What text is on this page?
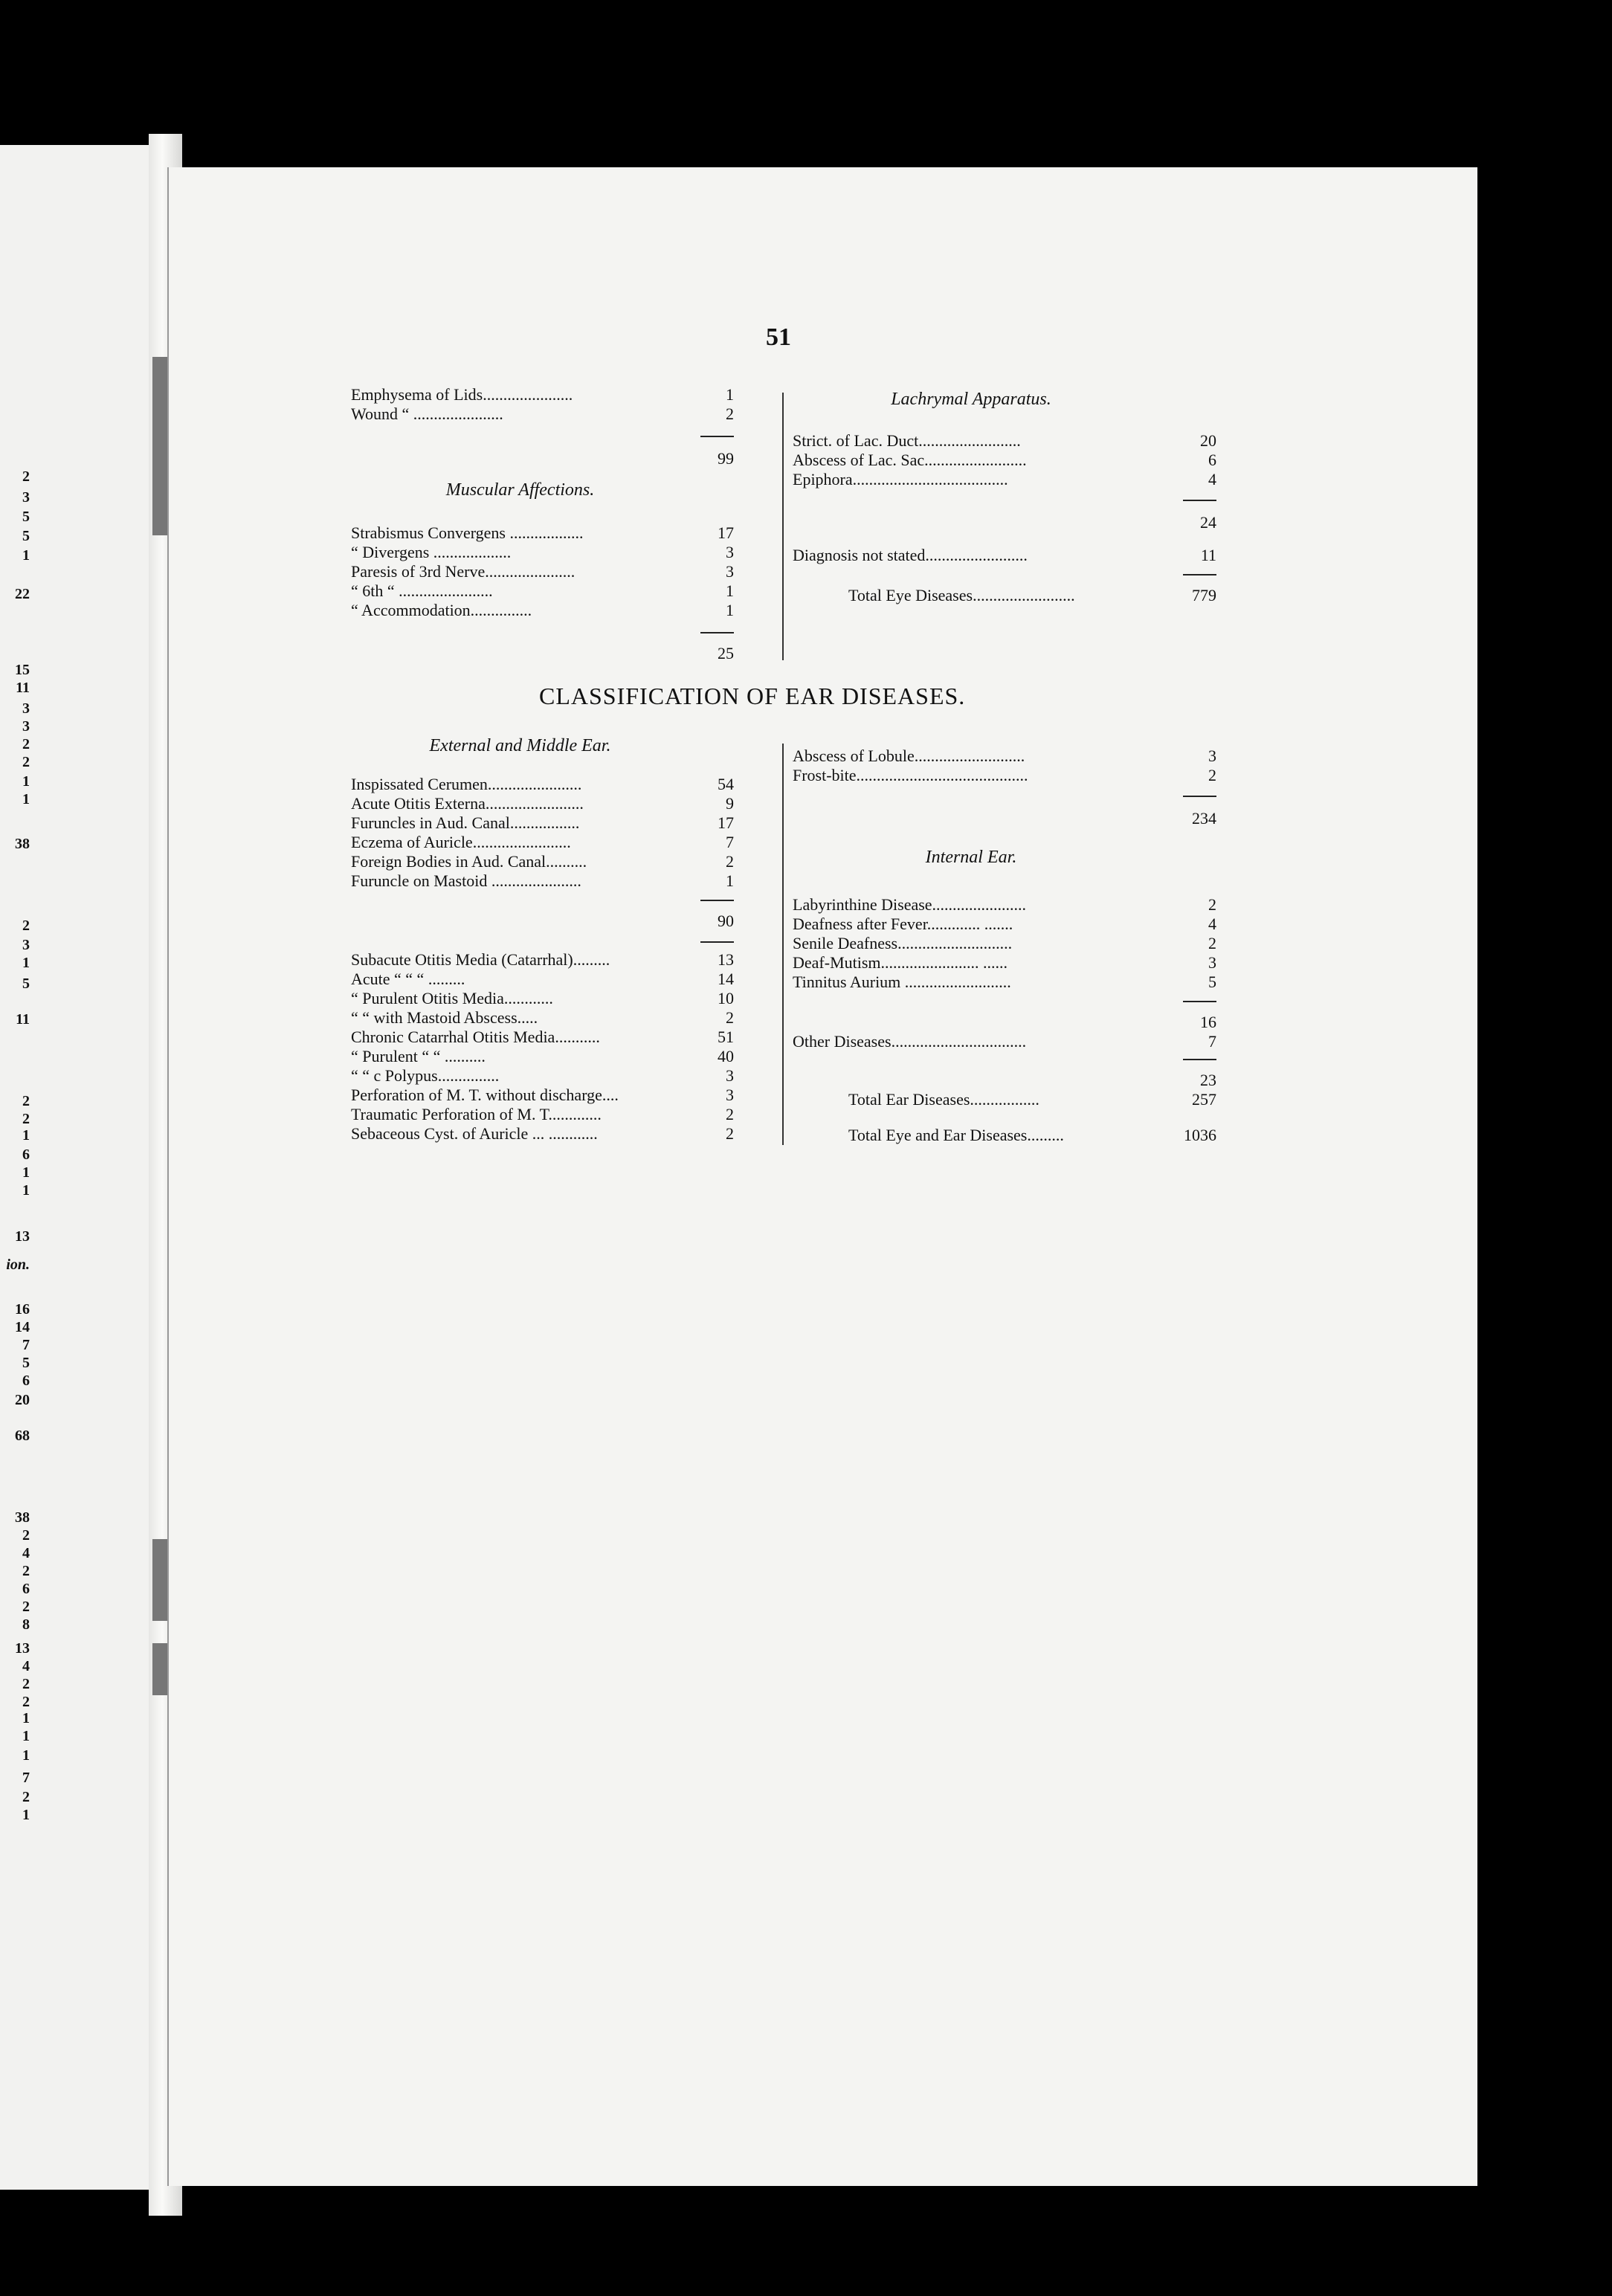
2
3
5
5
1
22
15
11
3
3
2
2
1
1
38
2
3
1
5
11
2
2
1
6
1
1
13
ion.
16
14
7
5
6
20
68
38
2
4
2
6
2
8
13
4
2
2
1
1
1
7
2
1
51
Emphysema of Lids......................	1
Wound “ ......................	2
99
Muscular Affections.
Strabismus Convergens ..................	17
“ Divergens ...................	3
Paresis of 3rd Nerve......................	3
“ 6th “ .......................	1
“ Accommodation...............	1
25
Lachrymal Apparatus.
Strict. of Lac. Duct.........................	20
Abscess of Lac. Sac.........................	6
Epiphora......................................	4
24
Diagnosis not stated.........................	11
Total Eye Diseases.........................	779
CLASSIFICATION OF EAR DISEASES.
External and Middle Ear.
Inspissated Cerumen.......................	54
Acute Otitis Externa........................	9
Furuncles in Aud. Canal.................	17
Eczema of Auricle........................	7
Foreign Bodies in Aud. Canal..........	2
Furuncle on Mastoid ......................	1
90
Subacute Otitis Media (Catarrhal).........	13
Acute “ “ “ .........	14
“ Purulent Otitis Media............	10
“ “ with Mastoid Abscess.....	2
Chronic Catarrhal Otitis Media...........	51
“ Purulent “ “ ..........	40
“ “ c Polypus...............	3
Perforation of M. T. without discharge....	3
Traumatic Perforation of M. T.............	2
Sebaceous Cyst. of Auricle ... ............	2
Abscess of Lobule...........................	3
Frost-bite..........................................	2
234
Internal Ear.
Labyrinthine Disease.......................	2
Deafness after Fever............. .......	4
Senile Deafness............................	2
Deaf-Mutism........................ ......	3
Tinnitus Aurium ..........................	5
16
Other Diseases.................................	7
23
Total Ear Diseases.................	257
Total Eye and Ear Diseases.........	1036
